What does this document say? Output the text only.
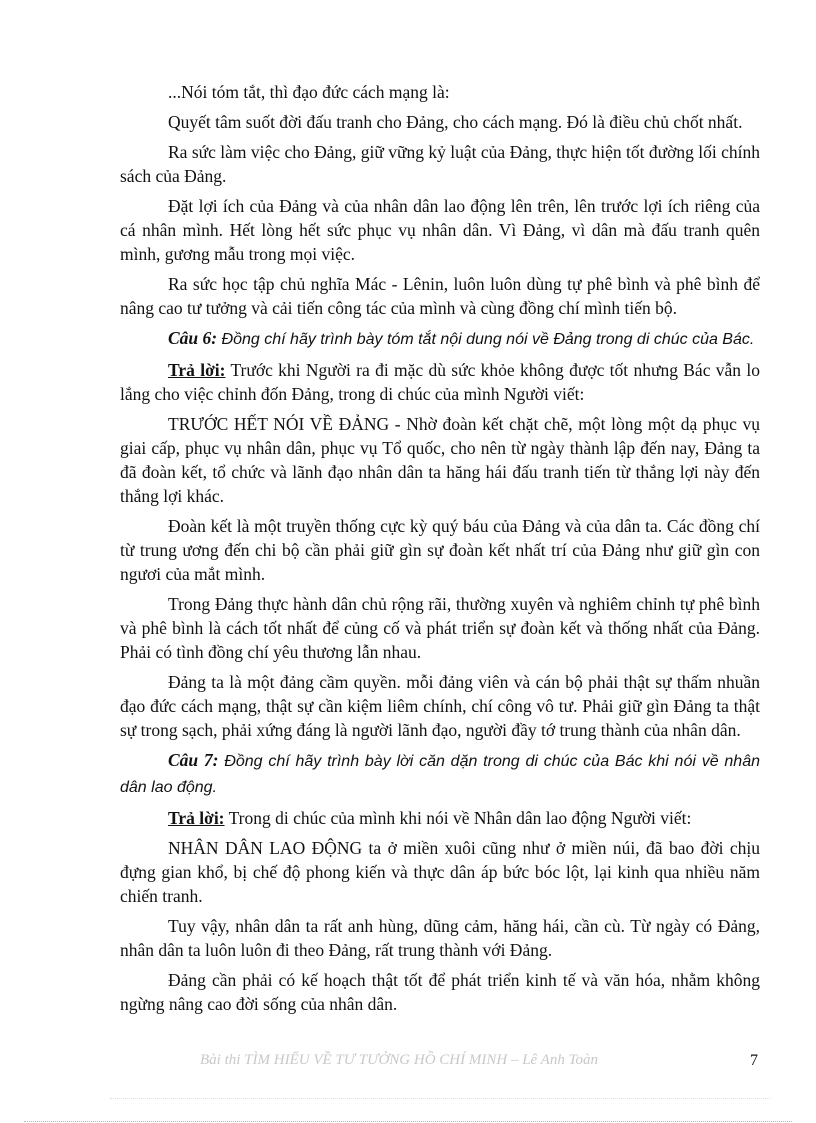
...Nói tóm tắt, thì đạo đức cách mạng là:

Quyết tâm suốt đời đấu tranh cho Đảng, cho cách mạng. Đó là điều chủ chốt nhất.

Ra sức làm việc cho Đảng, giữ vững kỷ luật của Đảng, thực hiện tốt đường lối chính sách của Đảng.

Đặt lợi ích của Đảng và của nhân dân lao động lên trên, lên trước lợi ích riêng của cá nhân mình. Hết lòng hết sức phục vụ nhân dân. Vì Đảng, vì dân mà đấu tranh quên mình, gương mẫu trong mọi việc.

Ra sức học tập chủ nghĩa Mác - Lênin, luôn luôn dùng tự phê bình và phê bình để nâng cao tư tưởng và cải tiến công tác của mình và cùng đồng chí mình tiến bộ.

Câu 6: Đồng chí hãy trình bày tóm tắt nội dung nói về Đảng trong di chúc của Bác.

Trả lời: Trước khi Người ra đi mặc dù sức khỏe không được tốt nhưng Bác vẫn lo lắng cho việc chỉnh đốn Đảng, trong di chúc của mình Người viết:

TRƯỚC HẾT NÓI VỀ ĐẢNG - Nhờ đoàn kết chặt chẽ, một lòng một dạ phục vụ giai cấp, phục vụ nhân dân, phục vụ Tổ quốc, cho nên từ ngày thành lập đến nay, Đảng ta đã đoàn kết, tổ chức và lãnh đạo nhân dân ta hăng hái đấu tranh tiến từ thắng lợi này đến thắng lợi khác.

Đoàn kết là một truyền thống cực kỳ quý báu của Đảng và của dân ta. Các đồng chí từ trung ương đến chi bộ cần phải giữ gìn sự đoàn kết nhất trí của Đảng như giữ gìn con ngươi của mắt mình.

Trong Đảng thực hành dân chủ rộng rãi, thường xuyên và nghiêm chỉnh tự phê bình và phê bình là cách tốt nhất để củng cố và phát triển sự đoàn kết và thống nhất của Đảng. Phải có tình đồng chí yêu thương lẫn nhau.

Đảng ta là một đảng cầm quyền. mỗi đảng viên và cán bộ phải thật sự thấm nhuần đạo đức cách mạng, thật sự cần kiệm liêm chính, chí công vô tư. Phải giữ gìn Đảng ta thật sự trong sạch, phải xứng đáng là người lãnh đạo, người đầy tớ trung thành của nhân dân.

Câu 7: Đồng chí hãy trình bày lời căn dặn trong di chúc của Bác khi nói về nhân dân lao động.

Trả lời: Trong di chúc của mình khi nói về Nhân dân lao động Người viết:

NHÂN DÂN LAO ĐỘNG ta ở miền xuôi cũng như ở miền núi, đã bao đời chịu đựng gian khổ, bị chế độ phong kiến và thực dân áp bức bóc lột, lại kinh qua nhiều năm chiến tranh.

Tuy vậy, nhân dân ta rất anh hùng, dũng cảm, hăng hái, cần cù. Từ ngày có Đảng, nhân dân ta luôn luôn đi theo Đảng, rất trung thành với Đảng.

Đảng cần phải có kế hoạch thật tốt để phát triển kinh tế và văn hóa, nhằm không ngừng nâng cao đời sống của nhân dân.

Bài thi TÌM HIỂU VỀ TƯ TƯỞNG HỒ CHÍ MINH – Lê Anh Toàn	7
